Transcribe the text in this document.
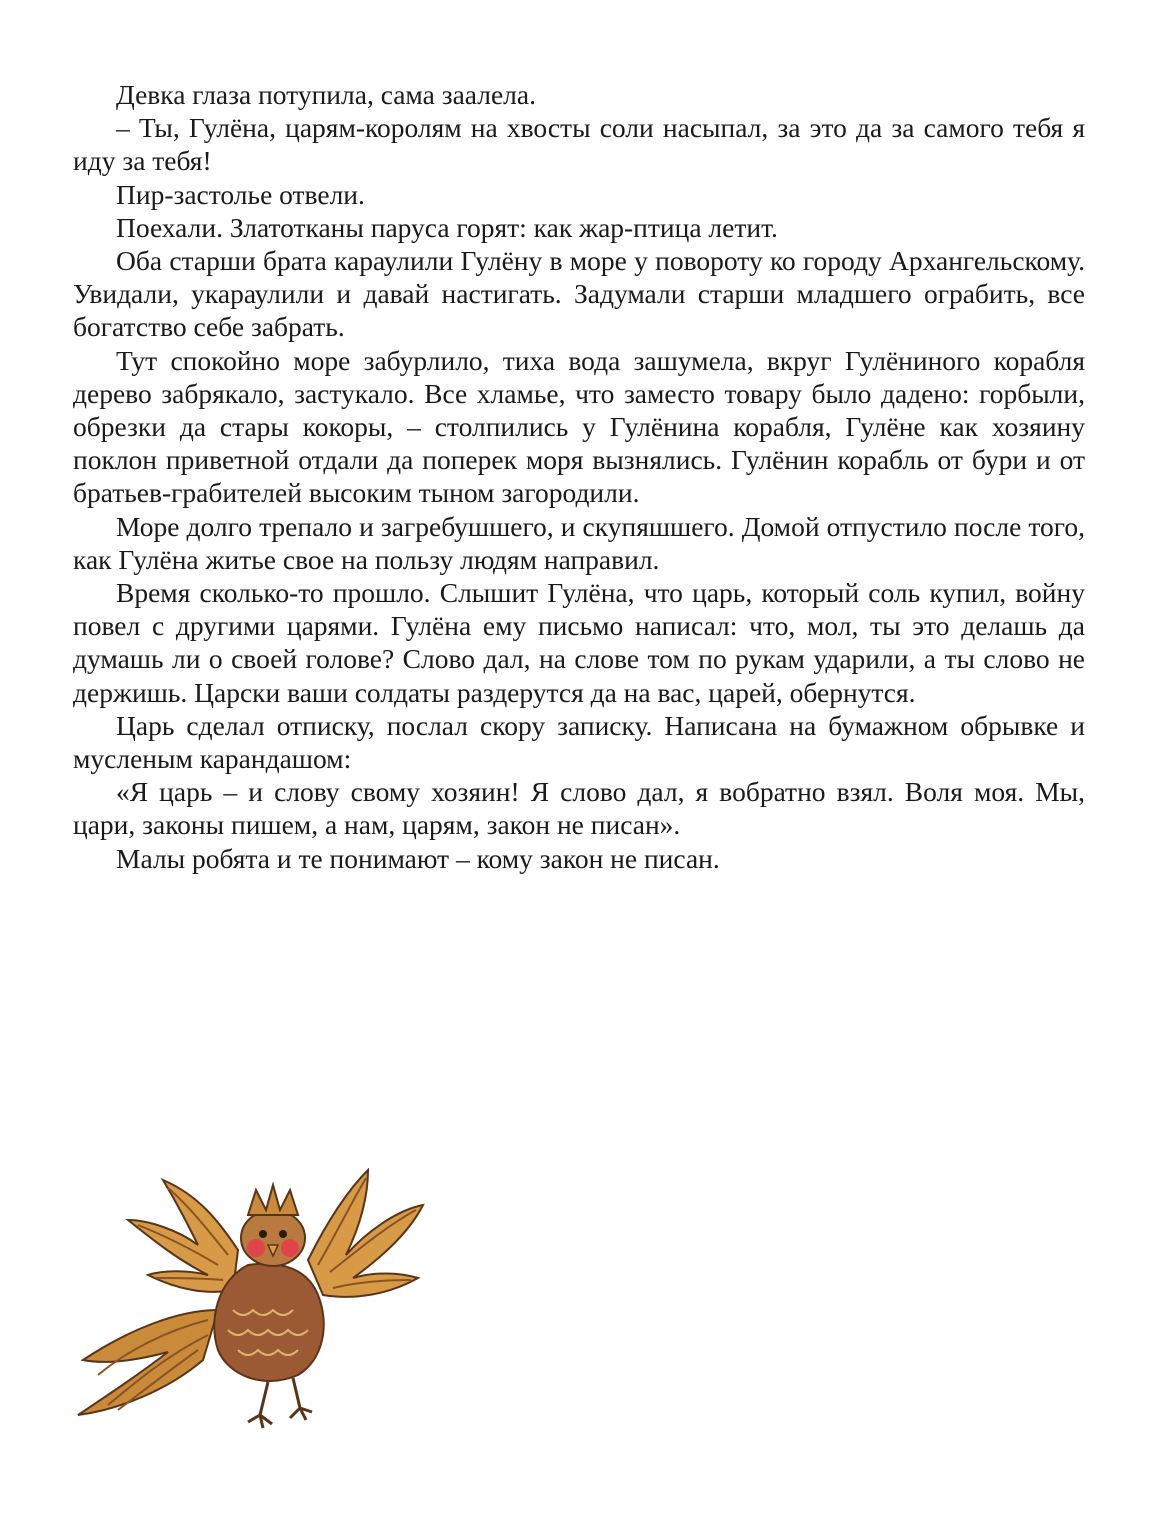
Девка глаза потупила, сама заалела.

– Ты, Гулёна, царям-королям на хвосты соли насыпал, за это да за самого тебя я иду за тебя!

Пир-застолье отвели.

Поехали. Златотканы паруса горят: как жар-птица летит.

Оба старши брата караулили Гулёну в море у повороту ко городу Архангельскому. Увидали, укараулили и давай настигать. Задумали старши младшего ограбить, все богатство себе забрать.

Тут спокойно море забурлило, тиха вода зашумела, вкруг Гулёниного корабля дерево забрякало, застукало. Все хламье, что заместо товару было дадено: горбыли, обрезки да стары кокоры, – столпились у Гулёнина корабля, Гулёне как хозяину поклон приветной отдали да поперек моря вызнялись. Гулёнин корабль от бури и от братьев-грабителей высоким тыном загородили.

Море долго трепало и загребушшего, и скупяшшего. Домой отпустило после того, как Гулёна житье свое на пользу людям направил.

Время сколько-то прошло. Слышит Гулёна, что царь, который соль купил, войну повел с другими царями. Гулёна ему письмо написал: что, мол, ты это делашь да думашь ли о своей голове? Слово дал, на слове том по рукам ударили, а ты слово не держишь. Царски ваши солдаты раздерутся да на вас, царей, обернутся.

Царь сделал отписку, послал скору записку. Написана на бумажном обрывке и мусленым карандашом:

«Я царь – и слову свому хозяин! Я слово дал, я вобратно взял. Воля моя. Мы, цари, законы пишем, а нам, царям, закон не писан».

Малы робята и те понимают – кому закон не писан.
